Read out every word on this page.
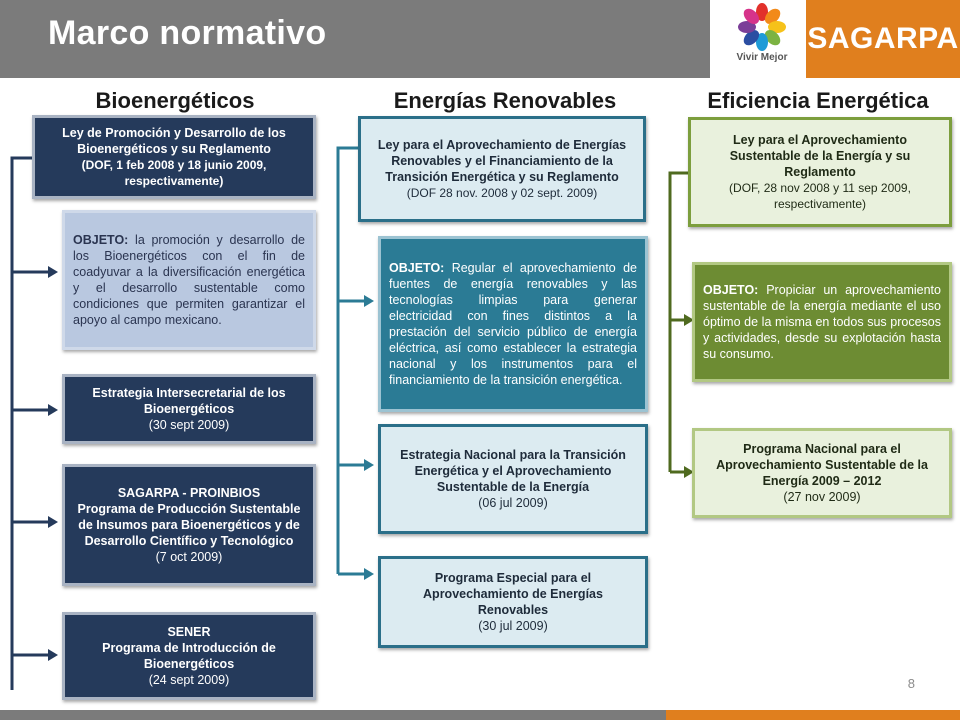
Marco normativo
Vivir Mejor
SAGARPA
Bioenergéticos	Energías Renovables	Eficiencia Energética
Ley de Promoción y Desarrollo de los Bioenergéticos y su Reglamento
(DOF, 1 feb 2008 y 18 junio 2009, respectivamente)
OBJETO: la promoción y desarrollo de los Bioenergéticos con el fin de coadyuvar a la diversificación energética y el desarrollo sustentable como condiciones que permiten garantizar el apoyo al campo mexicano.
Estrategia Intersecretarial de los Bioenergéticos
(30 sept 2009)
SAGARPA - PROINBIOS
Programa de Producción Sustentable de Insumos para Bioenergéticos y de Desarrollo Científico y Tecnológico
(7 oct 2009)
SENER
Programa de Introducción de Bioenergéticos
(24 sept 2009)
Ley para el Aprovechamiento de Energías Renovables y el Financiamiento de la Transición Energética y su Reglamento
(DOF 28 nov. 2008 y 02 sept. 2009)
OBJETO: Regular el aprovechamiento de fuentes de energía renovables y las tecnologías limpias para generar electricidad con fines distintos a la prestación del servicio público de energía eléctrica, así como establecer la estrategia nacional y los instrumentos para el financiamiento de la transición energética.
Estrategia Nacional para la Transición Energética y el Aprovechamiento Sustentable de la Energía
(06 jul 2009)
Programa Especial para el Aprovechamiento de Energías Renovables
(30 jul 2009)
Ley para el Aprovechamiento Sustentable de la Energía y su Reglamento
(DOF, 28 nov 2008 y 11 sep 2009, respectivamente)
OBJETO: Propiciar un aprovechamiento sustentable de la energía mediante el uso óptimo de la misma en todos sus procesos y actividades, desde su explotación hasta su consumo.
Programa Nacional para el Aprovechamiento Sustentable de la Energía 2009 – 2012
(27 nov 2009)
8
